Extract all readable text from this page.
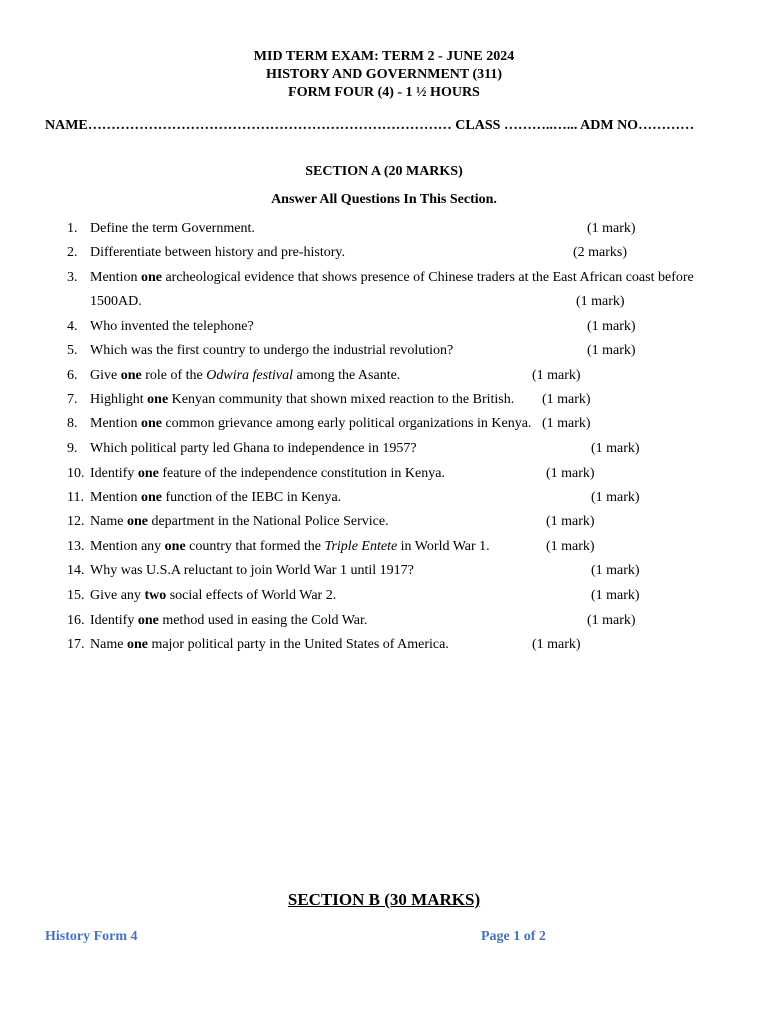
MID TERM EXAM: TERM 2 - JUNE 2024
HISTORY AND GOVERNMENT (311)
FORM FOUR (4) - 1 ½ HOURS
NAME…………………………………………………………………… CLASS ………..…... ADM NO…………
SECTION A (20 MARKS)
Answer All Questions In This Section.
1. Define the term Government.	(1 mark)
2. Differentiate between history and pre-history.	(2 marks)
3. Mention one archeological evidence that shows presence of Chinese traders at the East African coast before
1500AD.	(1 mark)
4. Who invented the telephone?	(1 mark)
5. Which was the first country to undergo the industrial revolution?	(1 mark)
6. Give one role of the Odwira festival among the Asante.	(1 mark)
7. Highlight one Kenyan community that shown mixed reaction to the British. (1 mark)
8. Mention one common grievance among early political organizations in Kenya. (1 mark)
9. Which political party led Ghana to independence in 1957?	(1 mark)
10. Identify one feature of the independence constitution in Kenya.	(1 mark)
11. Mention one function of the IEBC in Kenya.	(1 mark)
12. Name one department in the National Police Service.	(1 mark)
13. Mention any one country that formed the Triple Entete in World War 1.	(1 mark)
14. Why was U.S.A reluctant to join World War 1 until 1917?	(1 mark)
15. Give any two social effects of World War 2.	(1 mark)
16. Identify one method used in easing the Cold War.	(1 mark)
17. Name one major political party in the United States of America.	(1 mark)
SECTION B (30 MARKS)
History Form 4	Page 1 of 2
